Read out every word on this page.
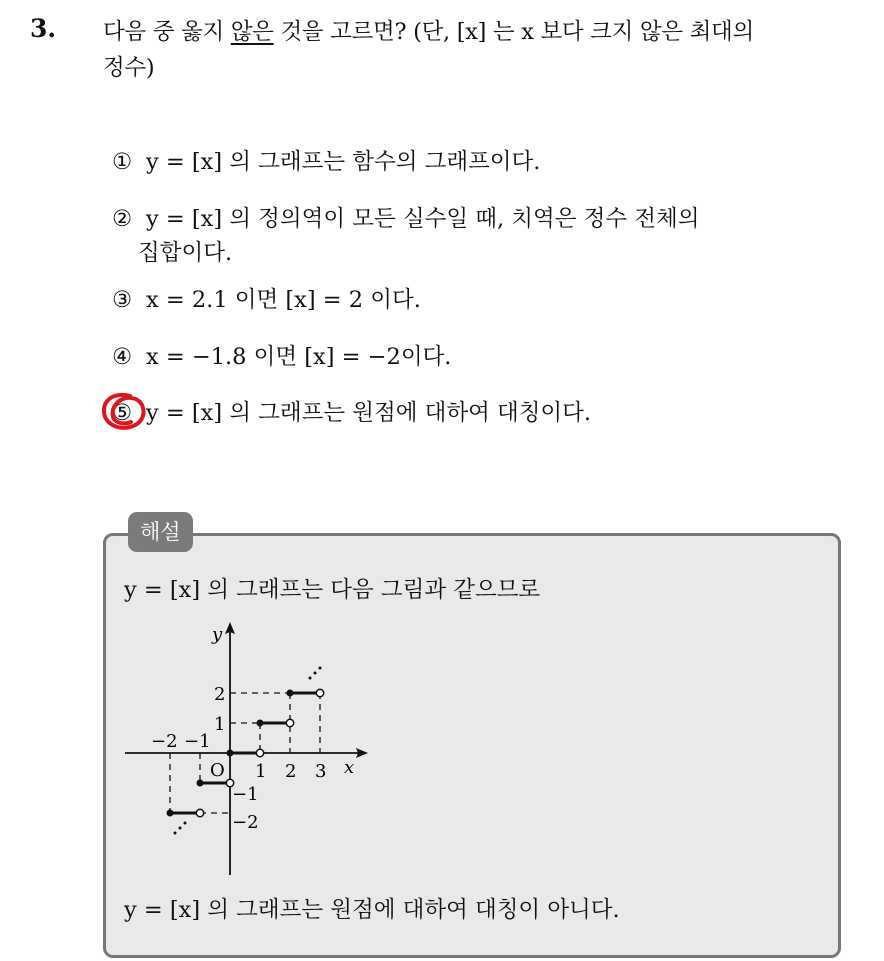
3. 다음 중 옳지 않은 것을 고르면? (단, [x] 는 x 보다 크지 않은 최대의
정수)
① y = [x] 의 그래프는 함수의 그래프이다.
② y = [x] 의 정의역이 모든 실수일 때, 치역은 정수 전체의
집합이다.
③ x = 2.1 이면 [x] = 2 이다.
④ x = −1.8 이면 [x] = −2이다.
⑤ y = [x] 의 그래프는 원점에 대하여 대칭이다.
해설
y = [x] 의 그래프는 다음 그림과 같으므로
y
x
O
−2 −1
1 2 3
2
1
−1
−2
y = [x] 의 그래프는 원점에 대하여 대칭이 아니다.
